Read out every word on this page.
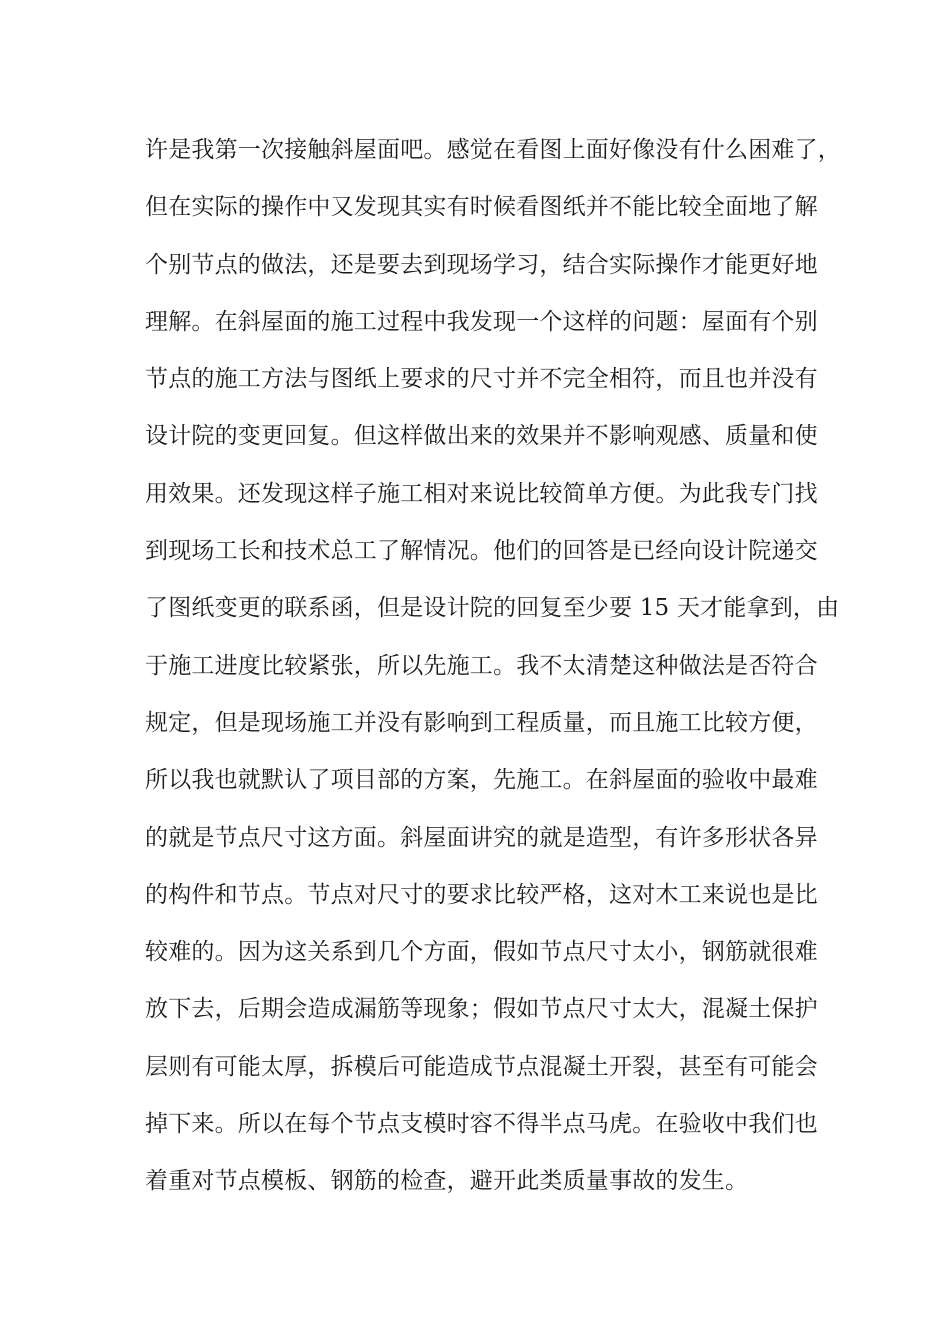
许是我第一次接触斜屋面吧。感觉在看图上面好像没有什么困难了，
但在实际的操作中又发现其实有时候看图纸并不能比较全面地了解
个别节点的做法，还是要去到现场学习，结合实际操作才能更好地
理解。在斜屋面的施工过程中我发现一个这样的问题：屋面有个别
节点的施工方法与图纸上要求的尺寸并不完全相符，而且也并没有
设计院的变更回复。但这样做出来的效果并不影响观感、质量和使
用效果。还发现这样子施工相对来说比较简单方便。为此我专门找
到现场工长和技术总工了解情况。他们的回答是已经向设计院递交
了图纸变更的联系函，但是设计院的回复至少要 15 天才能拿到，由
于施工进度比较紧张，所以先施工。我不太清楚这种做法是否符合
规定，但是现场施工并没有影响到工程质量，而且施工比较方便，
所以我也就默认了项目部的方案，先施工。在斜屋面的验收中最难
的就是节点尺寸这方面。斜屋面讲究的就是造型，有许多形状各异
的构件和节点。节点对尺寸的要求比较严格，这对木工来说也是比
较难的。因为这关系到几个方面，假如节点尺寸太小，钢筋就很难
放下去，后期会造成漏筋等现象；假如节点尺寸太大，混凝土保护
层则有可能太厚，拆模后可能造成节点混凝土开裂，甚至有可能会
掉下来。所以在每个节点支模时容不得半点马虎。在验收中我们也
着重对节点模板、钢筋的检查，避开此类质量事故的发生。
